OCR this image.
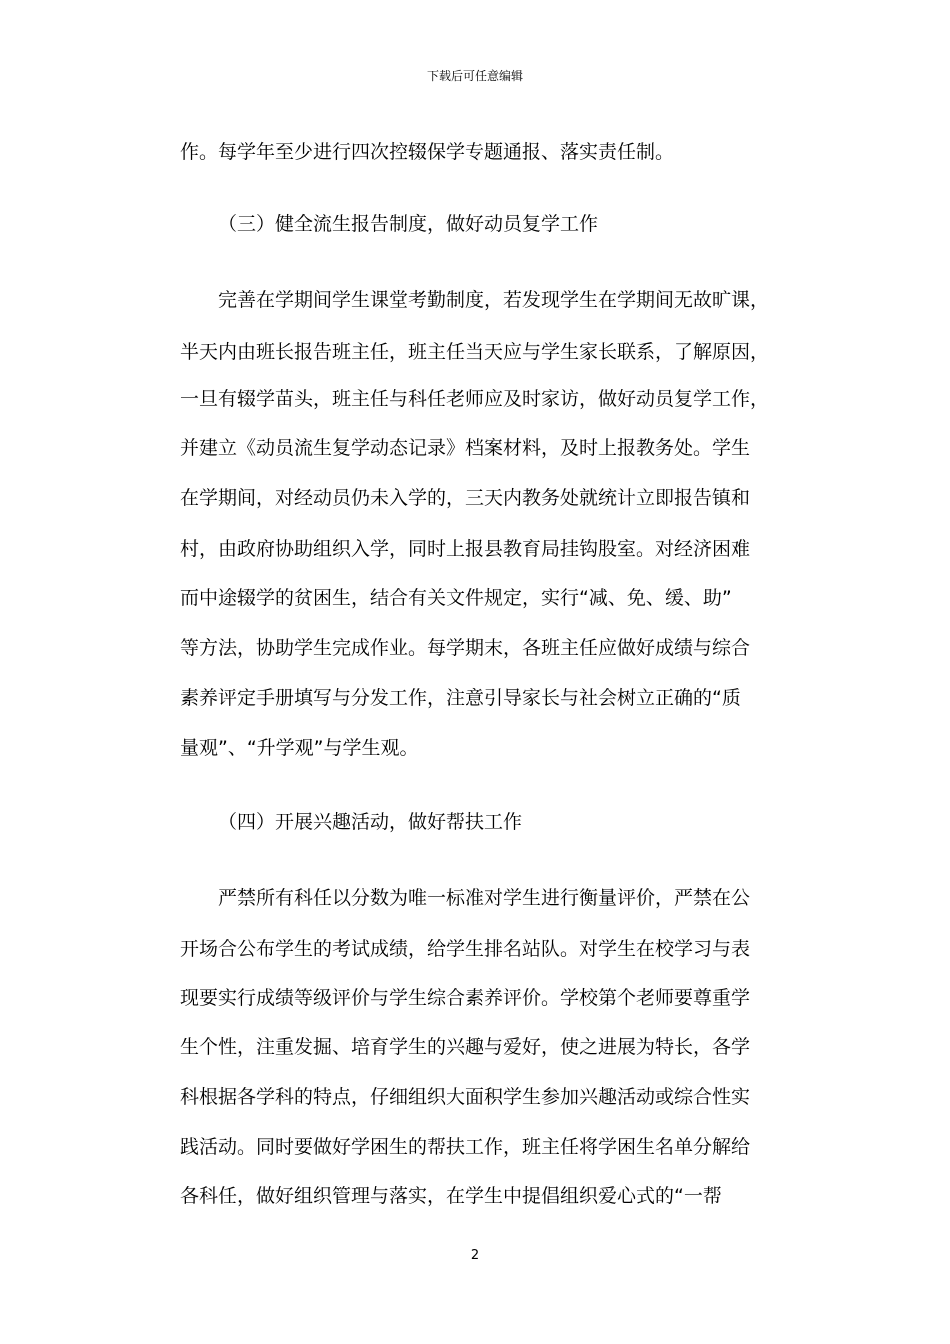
下载后可任意编辑
作。每学年至少进行四次控辍保学专题通报、落实责任制。
（三）健全流生报告制度，做好动员复学工作
完善在学期间学生课堂考勤制度，若发现学生在学期间无故旷课，
半天内由班长报告班主任，班主任当天应与学生家长联系，了解原因，
一旦有辍学苗头，班主任与科任老师应及时家访，做好动员复学工作，
并建立《动员流生复学动态记录》档案材料，及时上报教务处。学生
在学期间，对经动员仍未入学的，三天内教务处就统计立即报告镇和
村，由政府协助组织入学，同时上报县教育局挂钩股室。对经济困难
而中途辍学的贫困生，结合有关文件规定，实行“减、免、缓、助”
等方法，协助学生完成作业。每学期末，各班主任应做好成绩与综合
素养评定手册填写与分发工作，注意引导家长与社会树立正确的“质
量观”、“升学观”与学生观。
（四）开展兴趣活动，做好帮扶工作
严禁所有科任以分数为唯一标准对学生进行衡量评价，严禁在公
开场合公布学生的考试成绩，给学生排名站队。对学生在校学习与表
现要实行成绩等级评价与学生综合素养评价。学校第个老师要尊重学
生个性，注重发掘、培育学生的兴趣与爱好，使之进展为特长，各学
科根据各学科的特点，仔细组织大面积学生参加兴趣活动或综合性实
践活动。同时要做好学困生的帮扶工作，班主任将学困生名单分解给
各科任，做好组织管理与落实，在学生中提倡组织爱心式的“一帮
2
